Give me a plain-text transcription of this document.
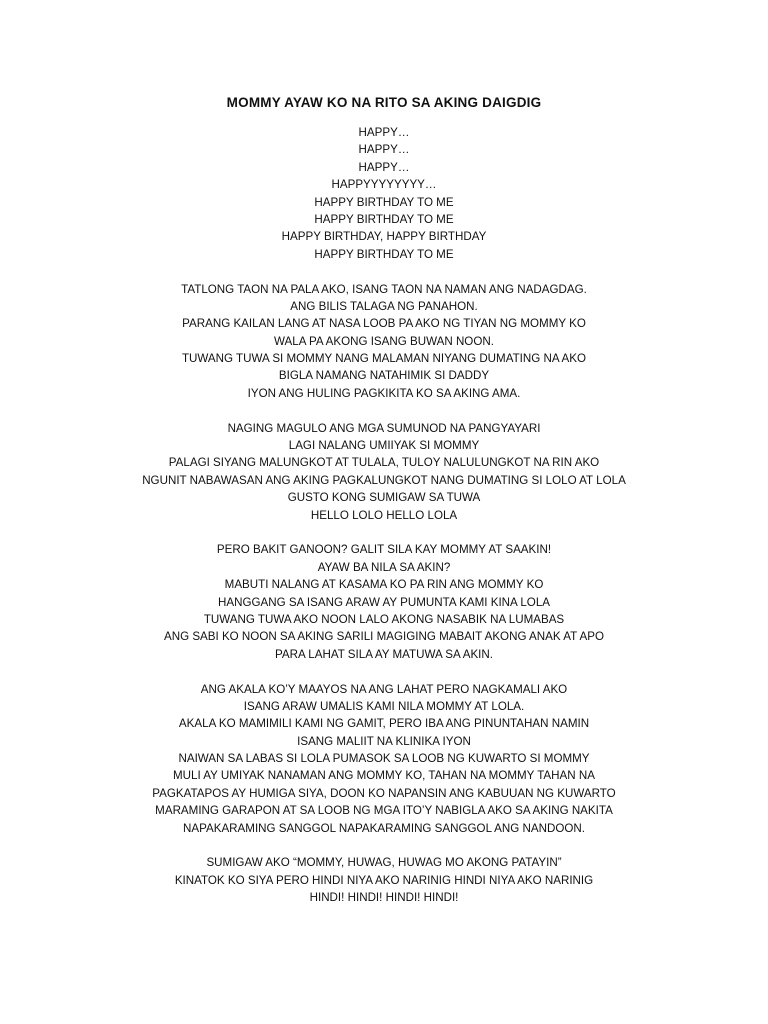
MOMMY AYAW KO NA RITO SA AKING DAIGDIG
HAPPY…
HAPPY…
HAPPY…
HAPPYYYYYYYY…
HAPPY BIRTHDAY TO ME
HAPPY BIRTHDAY TO ME
HAPPY BIRTHDAY, HAPPY BIRTHDAY
HAPPY BIRTHDAY TO ME
TATLONG TAON NA PALA AKO, ISANG TAON NA NAMAN ANG NADAGDAG.
ANG BILIS TALAGA NG PANAHON.
PARANG KAILAN LANG AT NASA LOOB PA AKO NG TIYAN NG MOMMY KO
WALA PA AKONG ISANG BUWAN NOON.
TUWANG TUWA SI MOMMY NANG MALAMAN NIYANG DUMATING NA AKO
BIGLA NAMANG NATAHIMIK SI DADDY
IYON ANG HULING PAGKIKITA KO SA AKING AMA.
NAGING MAGULO ANG MGA SUMUNOD NA PANGYAYARI
LAGI NALANG UMIIYAK SI MOMMY
PALAGI SIYANG MALUNGKOT AT TULALA, TULOY NALULUNGKOT NA RIN AKO
NGUNIT NABAWASAN ANG AKING PAGKALUNGKOT NANG DUMATING SI LOLO AT LOLA
GUSTO KONG SUMIGAW SA TUWA
HELLO LOLO HELLO LOLA
PERO BAKIT GANOON? GALIT SILA KAY MOMMY AT SAAKIN!
AYAW BA NILA SA AKIN?
MABUTI NALANG AT KASAMA KO PA RIN ANG MOMMY KO
HANGGANG SA ISANG ARAW AY PUMUNTA KAMI KINA LOLA
TUWANG TUWA AKO NOON LALO AKONG NASABIK NA LUMABAS
ANG SABI KO NOON SA AKING SARILI MAGIGING MABAIT AKONG ANAK AT APO
PARA LAHAT SILA AY MATUWA SA AKIN.
ANG AKALA KO’Y MAAYOS NA ANG LAHAT PERO NAGKAMALI AKO
ISANG ARAW UMALIS KAMI NILA MOMMY AT LOLA.
AKALA KO MAMIMILI KAMI NG GAMIT, PERO IBA ANG PINUNTAHAN NAMIN
ISANG MALIIT NA KLINIKA IYON
NAIWAN SA LABAS SI LOLA PUMASOK SA LOOB NG KUWARTO SI MOMMY
MULI AY UMIYAK NANAMAN ANG MOMMY KO, TAHAN NA MOMMY TAHAN NA
PAGKATAPOS AY HUMIGA SIYA, DOON KO NAPANSIN ANG KABUUAN NG KUWARTO
MARAMING GARAPON AT SA LOOB NG MGA ITO’Y NABIGLA AKO SA AKING NAKITA
NAPAKARAMING SANGGOL NAPAKARAMING SANGGOL ANG NANDOON.
SUMIGAW AKO “MOMMY, HUWAG, HUWAG MO AKONG PATAYIN”
KINATOK KO SIYA PERO HINDI NIYA AKO NARINIG HINDI NIYA AKO NARINIG
HINDI! HINDI! HINDI! HINDI!
